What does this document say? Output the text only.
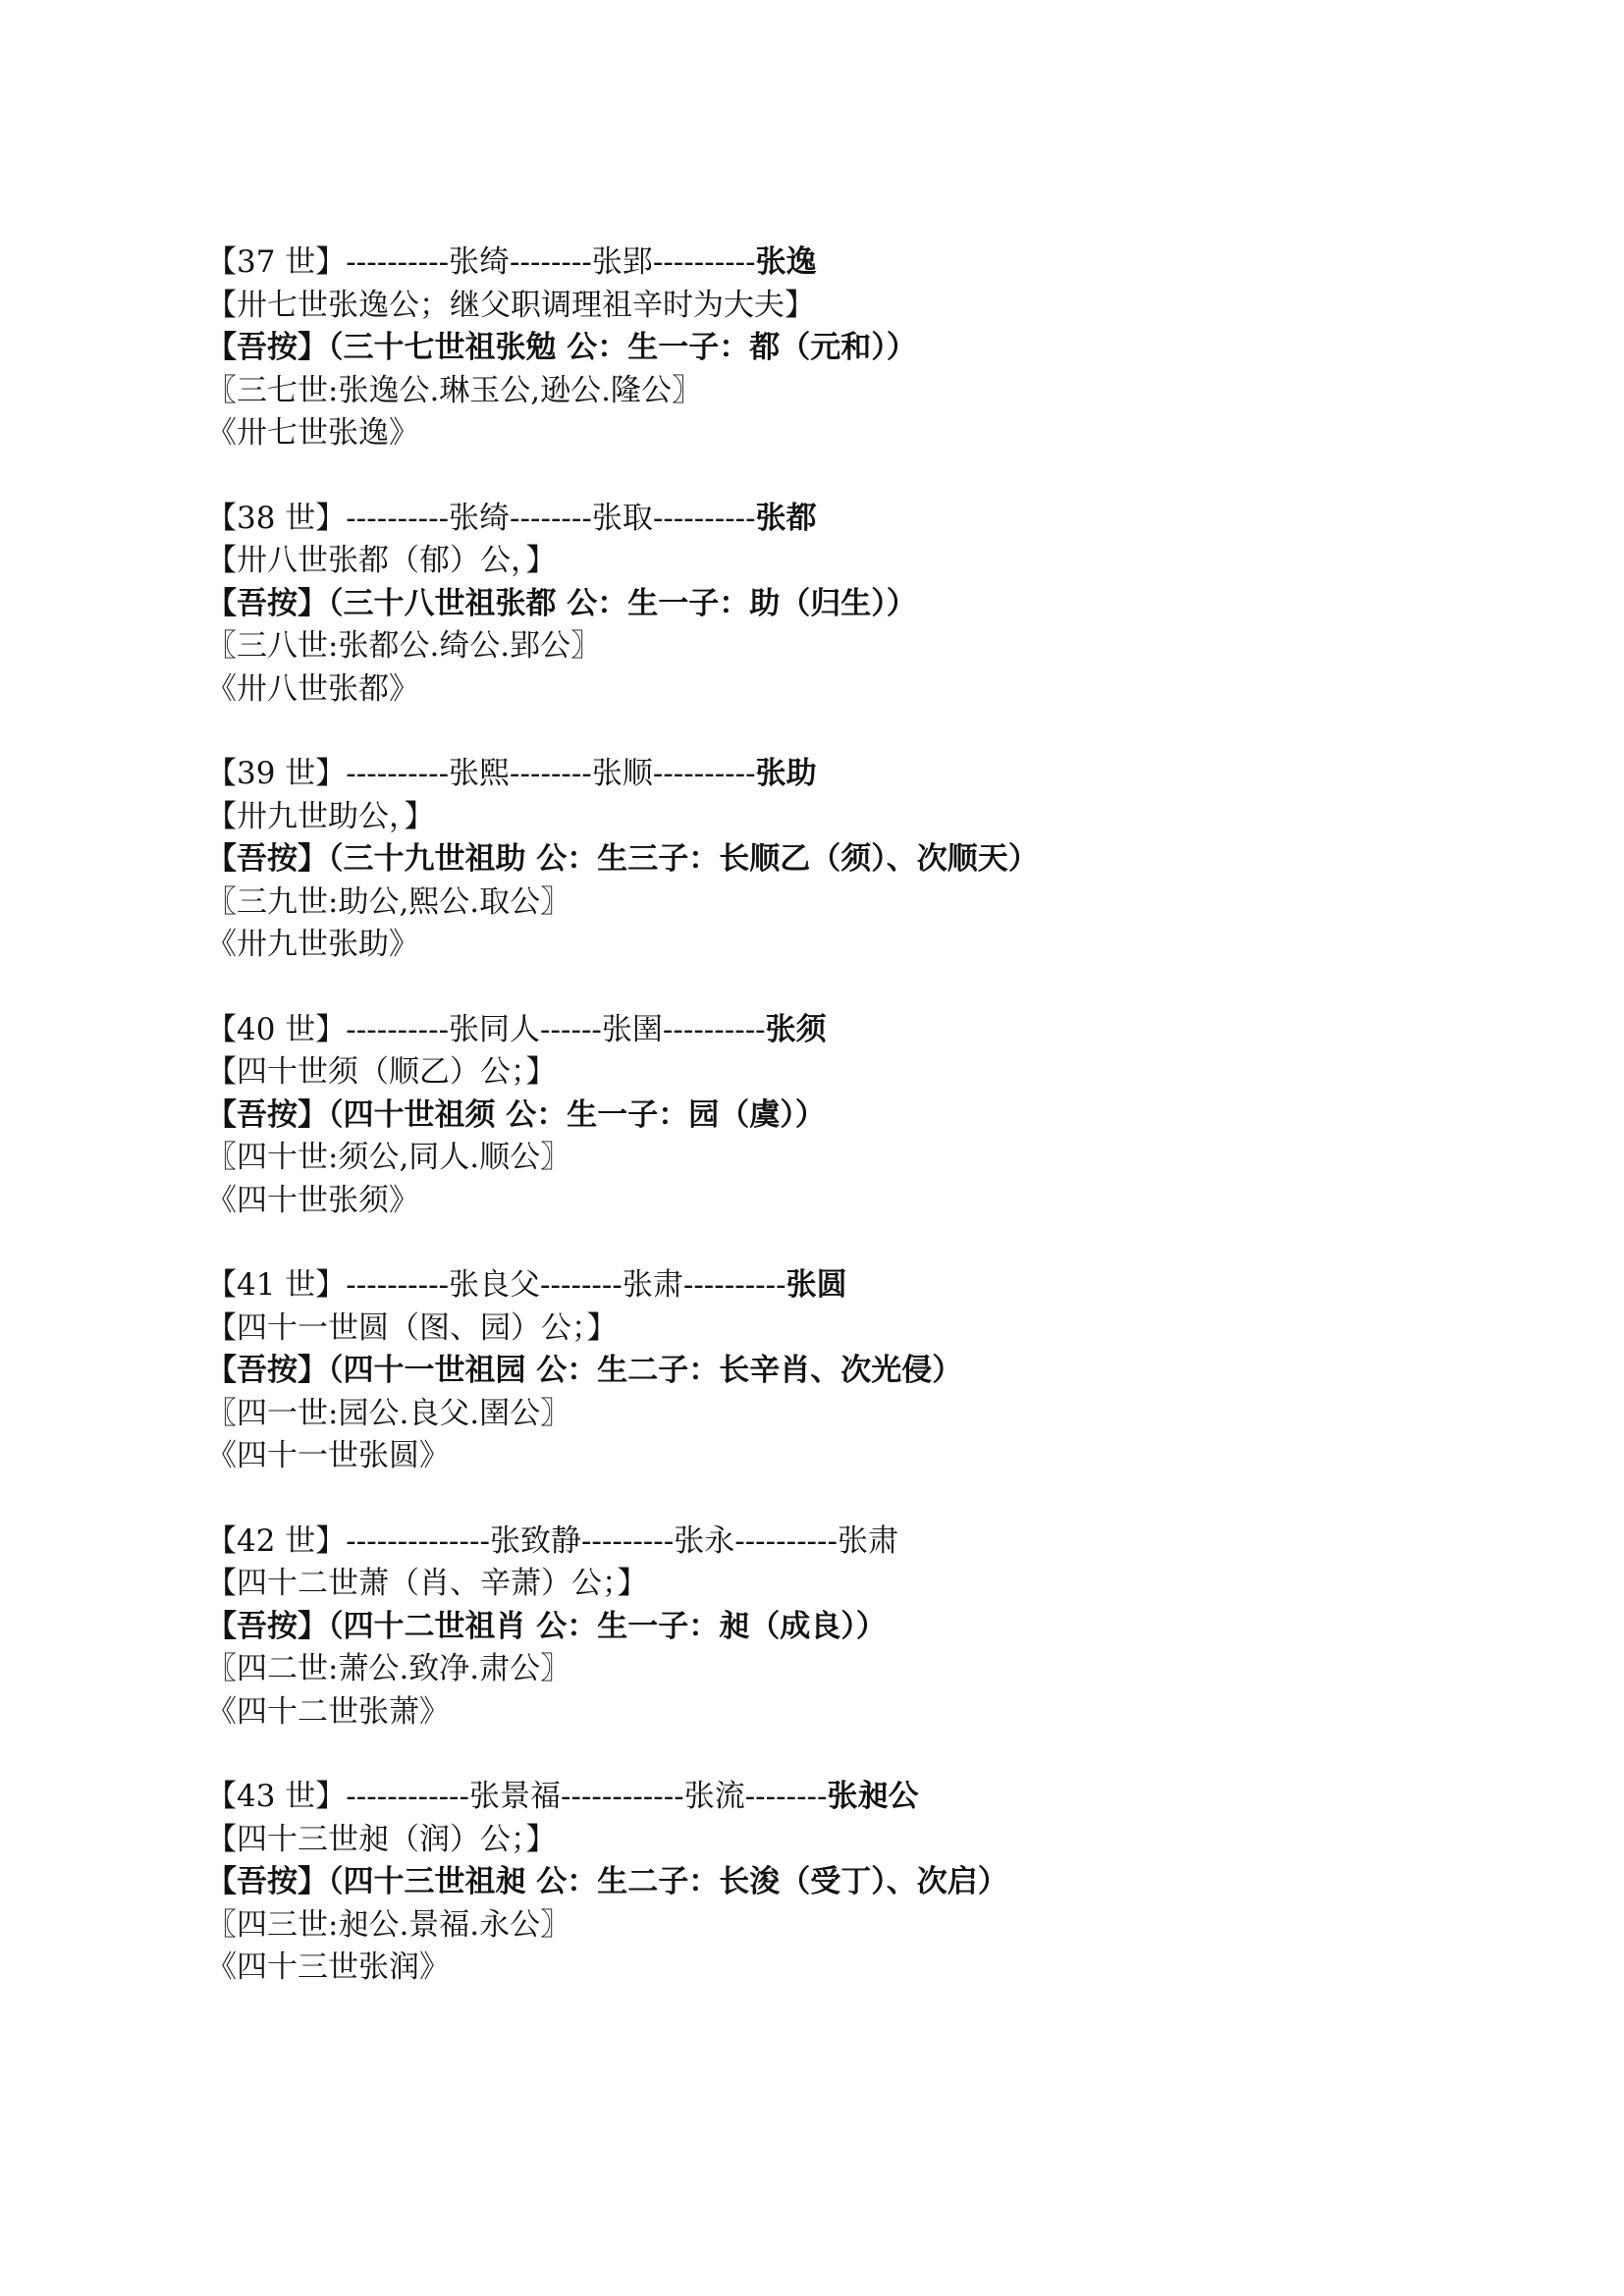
【37 世】----------张绮--------张郢----------张逸
【卅七世张逸公；继父职调理祖辛时为大夫】
【吾按】（三十七世祖张勉 公：生一子：都（元和））
〖三七世:张逸公.琳玉公,逊公.隆公〗
《卅七世张逸》
【38 世】----------张绮--------张取----------张都
【卅八世张都（郁）公，】
【吾按】（三十八世祖张都 公：生一子：助（归生））
〖三八世:张都公.绮公.郢公〗
《卅八世张都》
【39 世】----------张熙--------张顺----------张助
【卅九世助公，】
【吾按】（三十九世祖助 公：生三子：长顺乙（须）、次顺天）
〖三九世:助公,熙公.取公〗
《卅九世张助》
【40 世】----------张同人------张圉----------张须
【四十世须（顺乙）公；】
【吾按】（四十世祖须 公：生一子：园（虞））
〖四十世:须公,同人.顺公〗
《四十世张须》
【41 世】----------张良父--------张肃----------张圆
【四十一世圆（图、园）公；】
【吾按】（四十一世祖园 公：生二子：长辛肖、次光侵）
〖四一世:园公.良父.圉公〗
《四十一世张圆》
【42 世】--------------张致静---------张永----------张肃
【四十二世萧（肖、辛萧）公；】
【吾按】（四十二世祖肖 公：生一子：昶（成良））
〖四二世:萧公.致净.肃公〗
《四十二世张萧》
【43 世】------------张景福------------张流--------张昶公
【四十三世昶（润）公；】
【吾按】（四十三世祖昶 公：生二子：长浚（受丁）、次启）
〖四三世:昶公.景福.永公〗
《四十三世张润》
